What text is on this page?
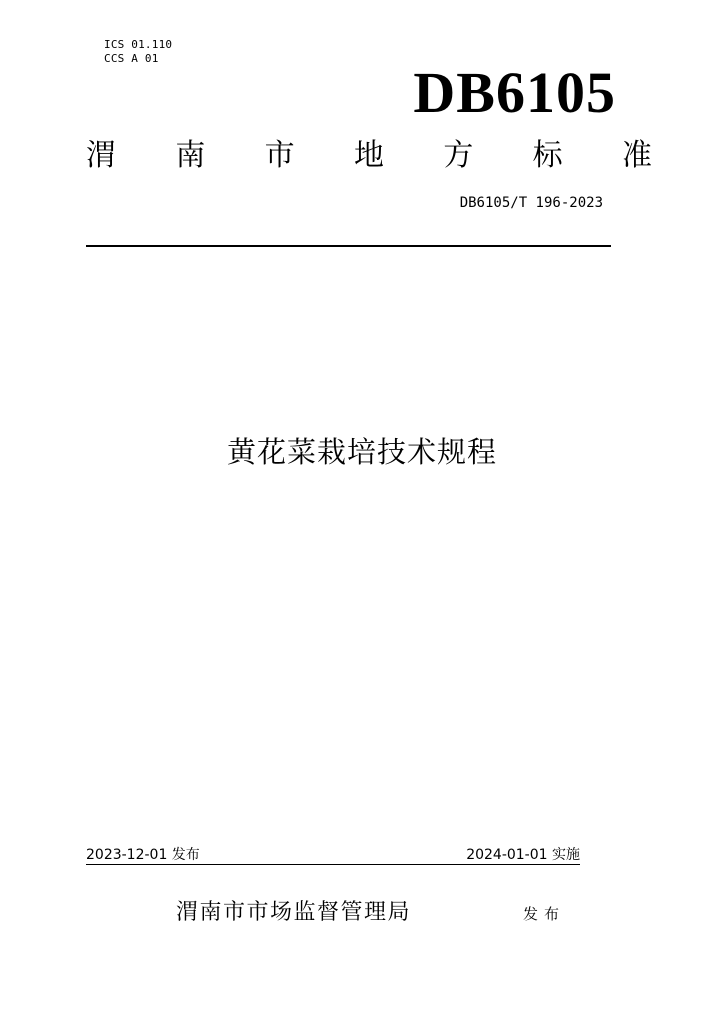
ICS 01.110
CCS A 01
DB6105
渭 南 市 地 方 标 准
DB6105/T 196-2023
黄花菜栽培技术规程
2023-12-01 发布	2024-01-01 实施
渭南市市场监督管理局	发布
